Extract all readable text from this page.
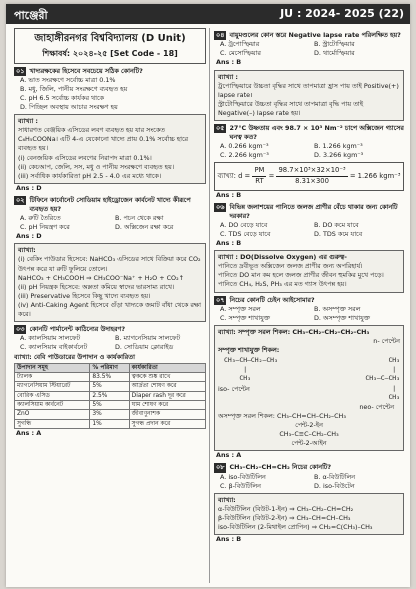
পাঞ্জেরী	JU : 2024- 2025 (22)
জাহাঙ্গীরনগর বিশ্ববিদ্যালয় (D Unit)
শিক্ষাবর্ষ: ২০২৪-২৫ [Set Code - 18]
০১ খাদ্যরক্ষকের হিসেবে সবচেয়ে সঠিক কোনটি?
A. ভাত সংরক্ষণে সর্বোচ্চ মাত্রা 0.1%
B. মধু, জিলি, পানীয় সংরক্ষণে ব্যবহৃত হয়
C. pH 6.5 সর্বোচ্চ কার্যকর থাকে
D. পিচ্ছিল অবস্থায় আচার সংরক্ষণ হয়

ব্যাখ্যা :

সাধারণত বেঞ্জয়িক এসিডের লবণ ব্যবহৃত হয় যার সংকেত C₆H₅COONa। এটি 4-এ যেকোনো খাদ্যে প্রায় 0.1% সর্বোচ্চ হারে ব্যবহৃত হয়।

(i) বেনজয়িক এসিডের লবণের নিরাপদ মাত্রা 0.1%।

(ii) কেচআপ, জেলি, সস, মধু ও পানীয় সংরক্ষণে ব্যবহৃত হয়।

(iii) সর্বাধিক কার্যকারিতা pH 2.5 - 4.0 এর মধ্যে থাকে।

Ans : D
০২ টিফিনে কার্বোনেট সোডিয়াম হাইড্রোজেন কার্বনেট খাদ্যে কীরূপে ব্যবহৃত হয়?
A. রুটি তৈরিতে	B. পচন থেকে রক্ষা
C. pH নিয়ন্ত্রণ করে	D. অক্সিজেন রক্ষা করে
Ans : D

ব্যাখ্যা:

(i) বেকিং পাউডার হিসেবে: NaHCO₃ এসিডের সাথে বিক্রিয়া করে CO₂ উৎপন্ন করে যা রুটি ফুলিয়ে তোলে।

NaHCO₃ + CH₃COOH ⇒ CH₃COO⁻Na⁺ + H₂O + CO₂↑

(ii) pH নিয়ন্ত্রক হিসেবে: অম্লতা কমিয়ে স্বাদের ভারসাম্য রাখে।

(iii) Preservative হিসেবে কিছু খাদ্যে ব্যবহৃত হয়।

(iv) Anti-Caking Agent হিসেবে গুঁড়া খাদ্যকে জমাট বাঁধা থেকে রক্ষা করে।

০৩ কোনটি পার্মানেন্ট কাঠিন্যের উদাহরণ?
A. ক্যালসিয়াম সালফেট	B. ম্যাগনেসিয়াম সালফেট
C. ক্যালসিয়াম বাইকার্বনেট	D. সোডিয়াম ক্লোরাইড
ব্যাখ্যা: বেবি পাউডারের উপাদান ও কার্যকারিতা
উপাদান সমূহ	% পরিমাণ	কার্যকারিতা
ট্যালক	83.5%	ত্বককে শুষ্ক রাখে
ম্যাগনেসিয়াম স্টিয়ারেট	5%	আর্দ্রতা শোষণ করে
বোরিক এসিড	2.5%	Diaper rash দূর করে
ক্যালসিয়াম কার্বনেট	5%	ঘাম শোষণ করে
ZnO	3%	জীবাণুনাশক
সুগন্ধি	1%	সুগন্ধ প্রদান করে
Ans : A
০৪ বায়ুমণ্ডলের কোন স্তরে Negative lapse rate পরিলক্ষিত হয়?
A. ট্রপোস্ফিয়ার	B. স্ট্রাটোস্ফিয়ার
C. মেসোস্ফিয়ার	D. থার্মোস্ফিয়ার
Ans : B

ব্যাখ্যা :

ট্রপোস্ফিয়ারে উচ্চতা বৃদ্ধির সাথে তাপমাত্রা হ্রাস পায় তাই Positive(+) lapse rate।

স্ট্রাটোস্ফিয়ারে উচ্চতা বৃদ্ধির সাথে তাপমাত্রা বৃদ্ধি পায় তাই Negative(–) lapse rate হয়।

০৫ 27°C উষ্ণতায় এবং 98.7 × 10³ Nm⁻² চাপে অক্সিজেন গ্যাসের ঘনত্ব কত?
A. 0.266 kgm⁻³	B. 1.266 kgm⁻³
C. 2.266 kgm⁻³	D. 3.266 kgm⁻³
ব্যাখ্যা: $d = \frac{PM}{RT} = \frac{\text{98.7×10³×32×10⁻³}}{8.31\times 300} = 1.266$ kgm⁻³
Ans : B
০৬ বিভিন্ন জলাশয়ের পানিতে জলজ প্রাণীর বেঁচে থাকার জন্য কোনটি দরকার?
A. DO বেড়ে যাবে	B. DO কমে যাবে
C. TDS বেড়ে যাবে	D. TDS কমে যাবে
Ans : B

ব্যাখ্যা : DO(Dissolve Oxygen) এর গুরুত্ব-

পানিতে দ্রবীভূত অক্সিজেন জলজ প্রাণীর জন্য অপরিহার্য।

পানিতে DO মান কম হলে জলজ প্রাণীর জীবন হুমকির মুখে পড়ে।

পানিতে CH₄, H₂S, PH₃ এর মত গ্যাস উৎপন্ন হয়।

০৭ নিচের কোনটি চেইন আইসোমার?
A. সম্পৃক্ত সরল	B. অসম্পৃক্ত সরল
C. সম্পৃক্ত শাখাযুক্ত	D. অসম্পৃক্ত শাখাযুক্ত

ব্যাখ্যা: সম্পৃক্ত সরল শিকল: CH₃–CH₂–CH₂–CH₂–CH₃

n- পেন্টেন

সম্পৃক্ত শাখাযুক্ত শিকল:

CH₃–CH–CH₂–CH₃
|
CH₃

iso- পেন্টেন

CH₃
|
CH₃–C–CH₃
|
CH₃

neo- পেন্টেন

অসম্পৃক্ত সরল শিকল: CH₃–CH=CH–CH₂–CH₃

পেন্ট-2-ইন

CH₃–C≡C–CH₂–CH₃

পেন্ট-2-আইন

Ans : A
০৮ CH₃–CH₂–CH=CH₂ নিচের কোনটি?
A. iso-বিউটিলিন	B. α-বিউটিলিন
C. β-বিউটিলিন	D. iso-বিউটেন

ব্যাখ্যা:

α-বিউটিলিন (বিউট-1-ইন) ⇒ CH₃–CH₂–CH=CH₂

β-বিউটিলিন (বিউট-2-ইন) ⇒ CH₃–CH=CH–CH₃

iso-বিউটিলিন (2-মিথাইল প্রোপিন) ⇒ CH₂=C(CH₃)–CH₃

Ans : B
